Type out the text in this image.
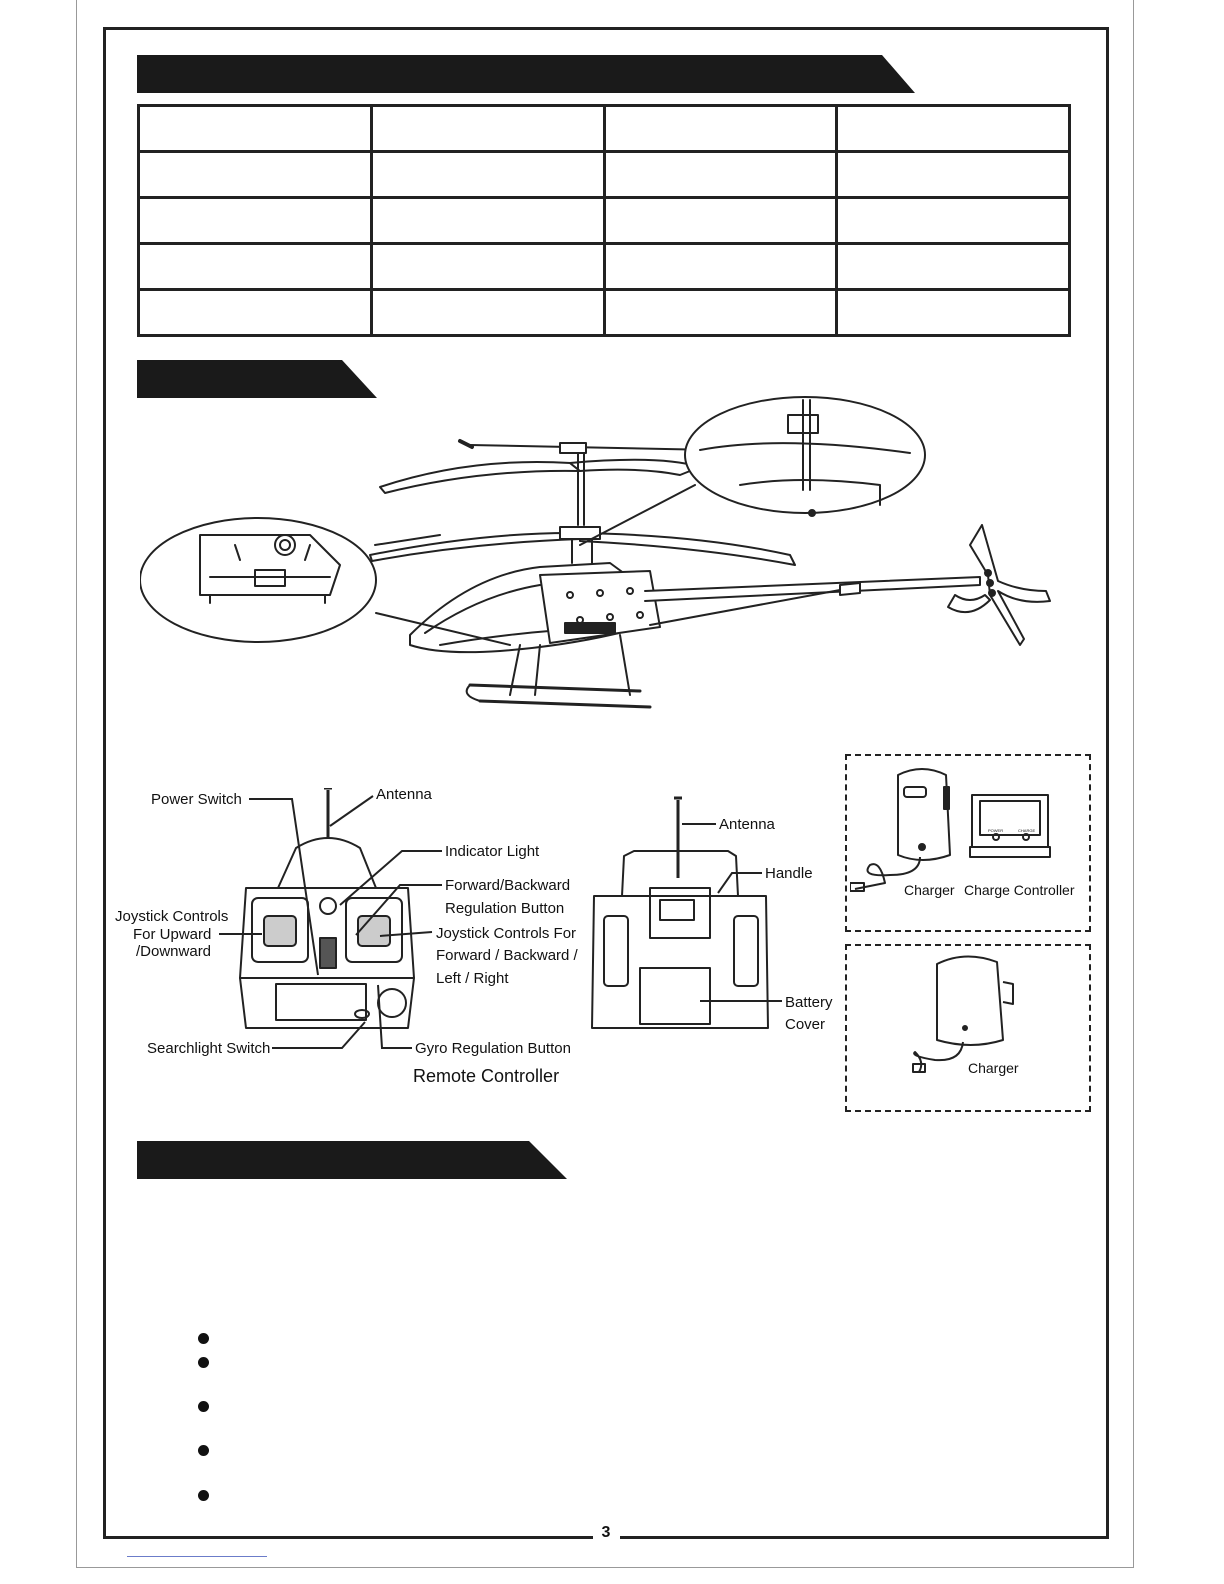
3

Power Switch	Antenna
Indicator Light
Forward/Backward
Regulation Button
Joystick Controls
For Upward
/Downward
Joystick Controls For
Forward / Backward /
Left / Right
Searchlight Switch	Gyro Regulation Button
Remote Controller
Antenna
Handle
Battery
Cover
POWER	CHARGE
Charger Charge Controller
Charger
